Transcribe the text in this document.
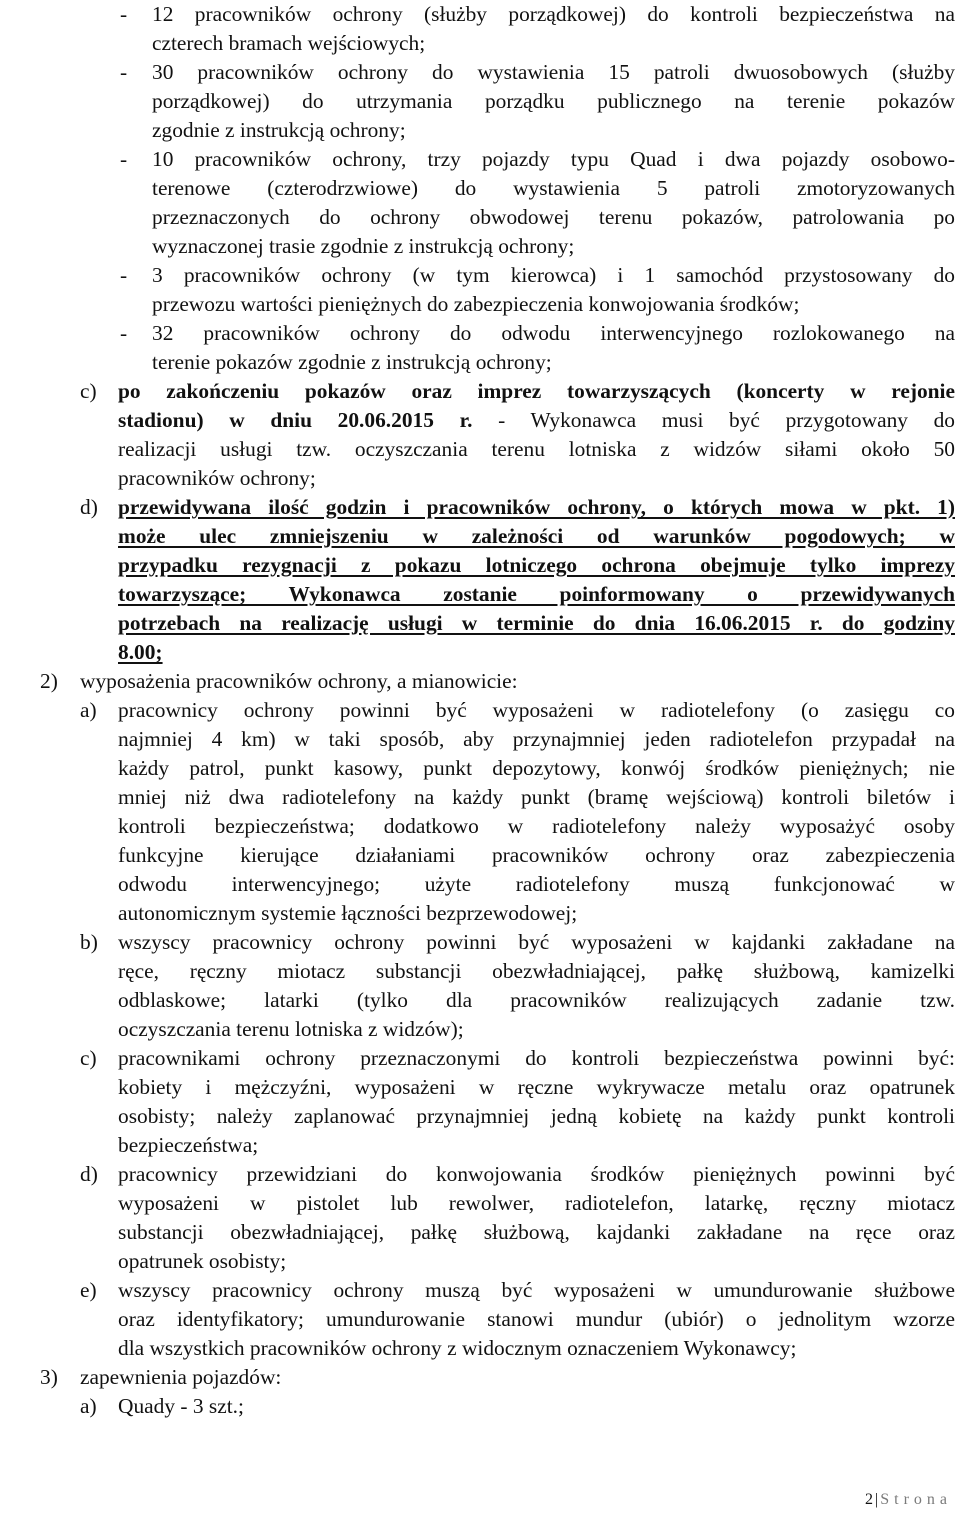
- 12 pracowników ochrony (służby porządkowej) do kontroli bezpieczeństwa na
czterech bramach wejściowych;
- 30 pracowników ochrony do wystawienia 15 patroli dwuosobowych (służby
porządkowej) do utrzymania porządku publicznego na terenie pokazów
zgodnie z instrukcją ochrony;
- 10 pracowników ochrony, trzy pojazdy typu Quad i dwa pojazdy osobowo-
terenowe (czterodrzwiowe) do wystawienia 5 patroli zmotoryzowanych
przeznaczonych do ochrony obwodowej terenu pokazów, patrolowania po
wyznaczonej trasie zgodnie z instrukcją ochrony;
- 3 pracowników ochrony (w tym kierowca) i 1 samochód przystosowany do
przewozu wartości pieniężnych do zabezpieczenia konwojowania środków;
- 32 pracowników ochrony do odwodu interwencyjnego rozlokowanego na
terenie pokazów zgodnie z instrukcją ochrony;
c) po zakończeniu pokazów oraz imprez towarzyszących (koncerty w rejonie
stadionu) w dniu 20.06.2015 r. - Wykonawca musi być przygotowany do
realizacji usługi tzw. oczyszczania terenu lotniska z widzów siłami około 50
pracowników ochrony;
d) przewidywana ilość godzin i pracowników ochrony, o których mowa w pkt. 1)
może ulec zmniejszeniu w zależności od warunków pogodowych; w
przypadku rezygnacji z pokazu lotniczego ochrona obejmuje tylko imprezy
towarzyszące; Wykonawca zostanie poinformowany o przewidywanych
potrzebach na realizację usługi w terminie do dnia 16.06.2015 r. do godziny
8.00;
2) wyposażenia pracowników ochrony, a mianowicie:
a) pracownicy ochrony powinni być wyposażeni w radiotelefony (o zasięgu co
najmniej 4 km) w taki sposób, aby przynajmniej jeden radiotelefon przypadał na
każdy patrol, punkt kasowy, punkt depozytowy, konwój środków pieniężnych; nie
mniej niż dwa radiotelefony na każdy punkt (bramę wejściową) kontroli biletów i
kontroli bezpieczeństwa; dodatkowo w radiotelefony należy wyposażyć osoby
funkcyjne kierujące działaniami pracowników ochrony oraz zabezpieczenia
odwodu interwencyjnego; użyte radiotelefony muszą funkcjonować w
autonomicznym systemie łączności bezprzewodowej;
b) wszyscy pracownicy ochrony powinni być wyposażeni w kajdanki zakładane na
ręce, ręczny miotacz substancji obezwładniającej, pałkę służbową, kamizelki
odblaskowe; latarki (tylko dla pracowników realizujących zadanie tzw.
oczyszczania terenu lotniska z widzów);
c) pracownikami ochrony przeznaczonymi do kontroli bezpieczeństwa powinni być:
kobiety i mężczyźni, wyposażeni w ręczne wykrywacze metalu oraz opatrunek
osobisty; należy zaplanować przynajmniej jedną kobietę na każdy punkt kontroli
bezpieczeństwa;
d) pracownicy przewidziani do konwojowania środków pieniężnych powinni być
wyposażeni w pistolet lub rewolwer, radiotelefon, latarkę, ręczny miotacz
substancji obezwładniającej, pałkę służbową, kajdanki zakładane na ręce oraz
opatrunek osobisty;
e) wszyscy pracownicy ochrony muszą być wyposażeni w umundurowanie służbowe
oraz identyfikatory; umundurowanie stanowi mundur (ubiór) o jednolitym wzorze
dla wszystkich pracowników ochrony z widocznym oznaczeniem Wykonawcy;
3) zapewnienia pojazdów:
a) Quady - 3 szt.;
2 | Strona
